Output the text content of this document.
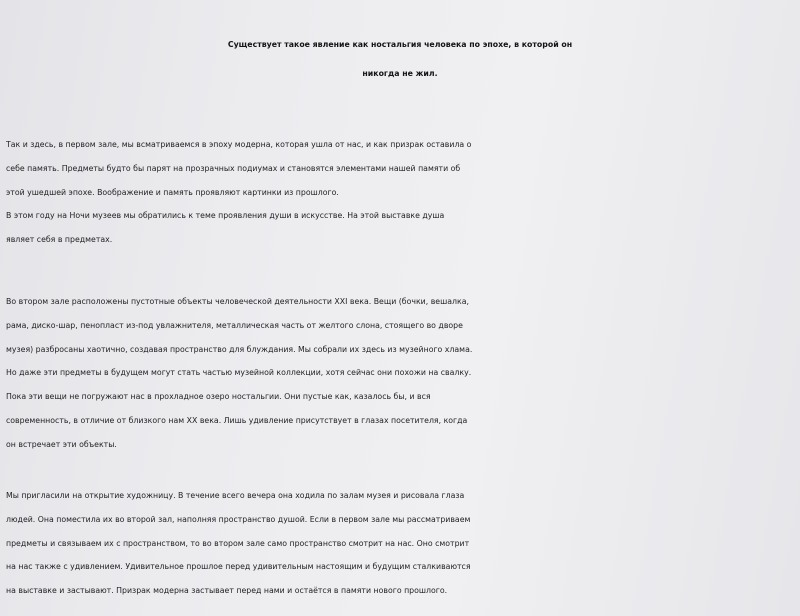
Существует такое явление как ностальгия человека по эпохе, в которой он
никогда не жил.
Так и здесь, в первом зале, мы всматриваемся в эпоху модерна, которая ушла от нас, и как призрак оставила о
себе память. Предметы будто бы парят на прозрачных подиумах и становятся элементами нашей памяти об
этой ушедшей эпохе. Воображение и память проявляют картинки из прошлого.
В этом году на Ночи музеев мы обратились к теме проявления души в искусстве. На этой выставке душа
являет себя в предметах.
Во втором зале расположены пустотные объекты человеческой деятельности XXI века. Вещи (бочки, вешалка,
рама, диско-шар, пенопласт из-под увлажнителя, металлическая часть от желтого слона, стоящего во дворе
музея) разбросаны хаотично, создавая пространство для блуждания. Мы собрали их здесь из музейного хлама.
Но даже эти предметы в будущем могут стать частью музейной коллекции, хотя сейчас они похожи на свалку.
Пока эти вещи не погружают нас в прохладное озеро ностальгии. Они пустые как, казалось бы, и вся
современность, в отличие от близкого нам XX века. Лишь удивление присутствует в глазах посетителя, когда
он встречает эти объекты.
Мы пригласили на открытие художницу. В течение всего вечера она ходила по залам музея и рисовала глаза
людей. Она поместила их во второй зал, наполняя пространство душой. Если в первом зале мы рассматриваем
предметы и связываем их с пространством, то во втором зале само пространство смотрит на нас. Оно смотрит
на нас также с удивлением. Удивительное прошлое перед удивительным настоящим и будущим сталкиваются
на выставке и застывают. Призрак модерна застывает перед нами и остаётся в памяти нового прошлого.
